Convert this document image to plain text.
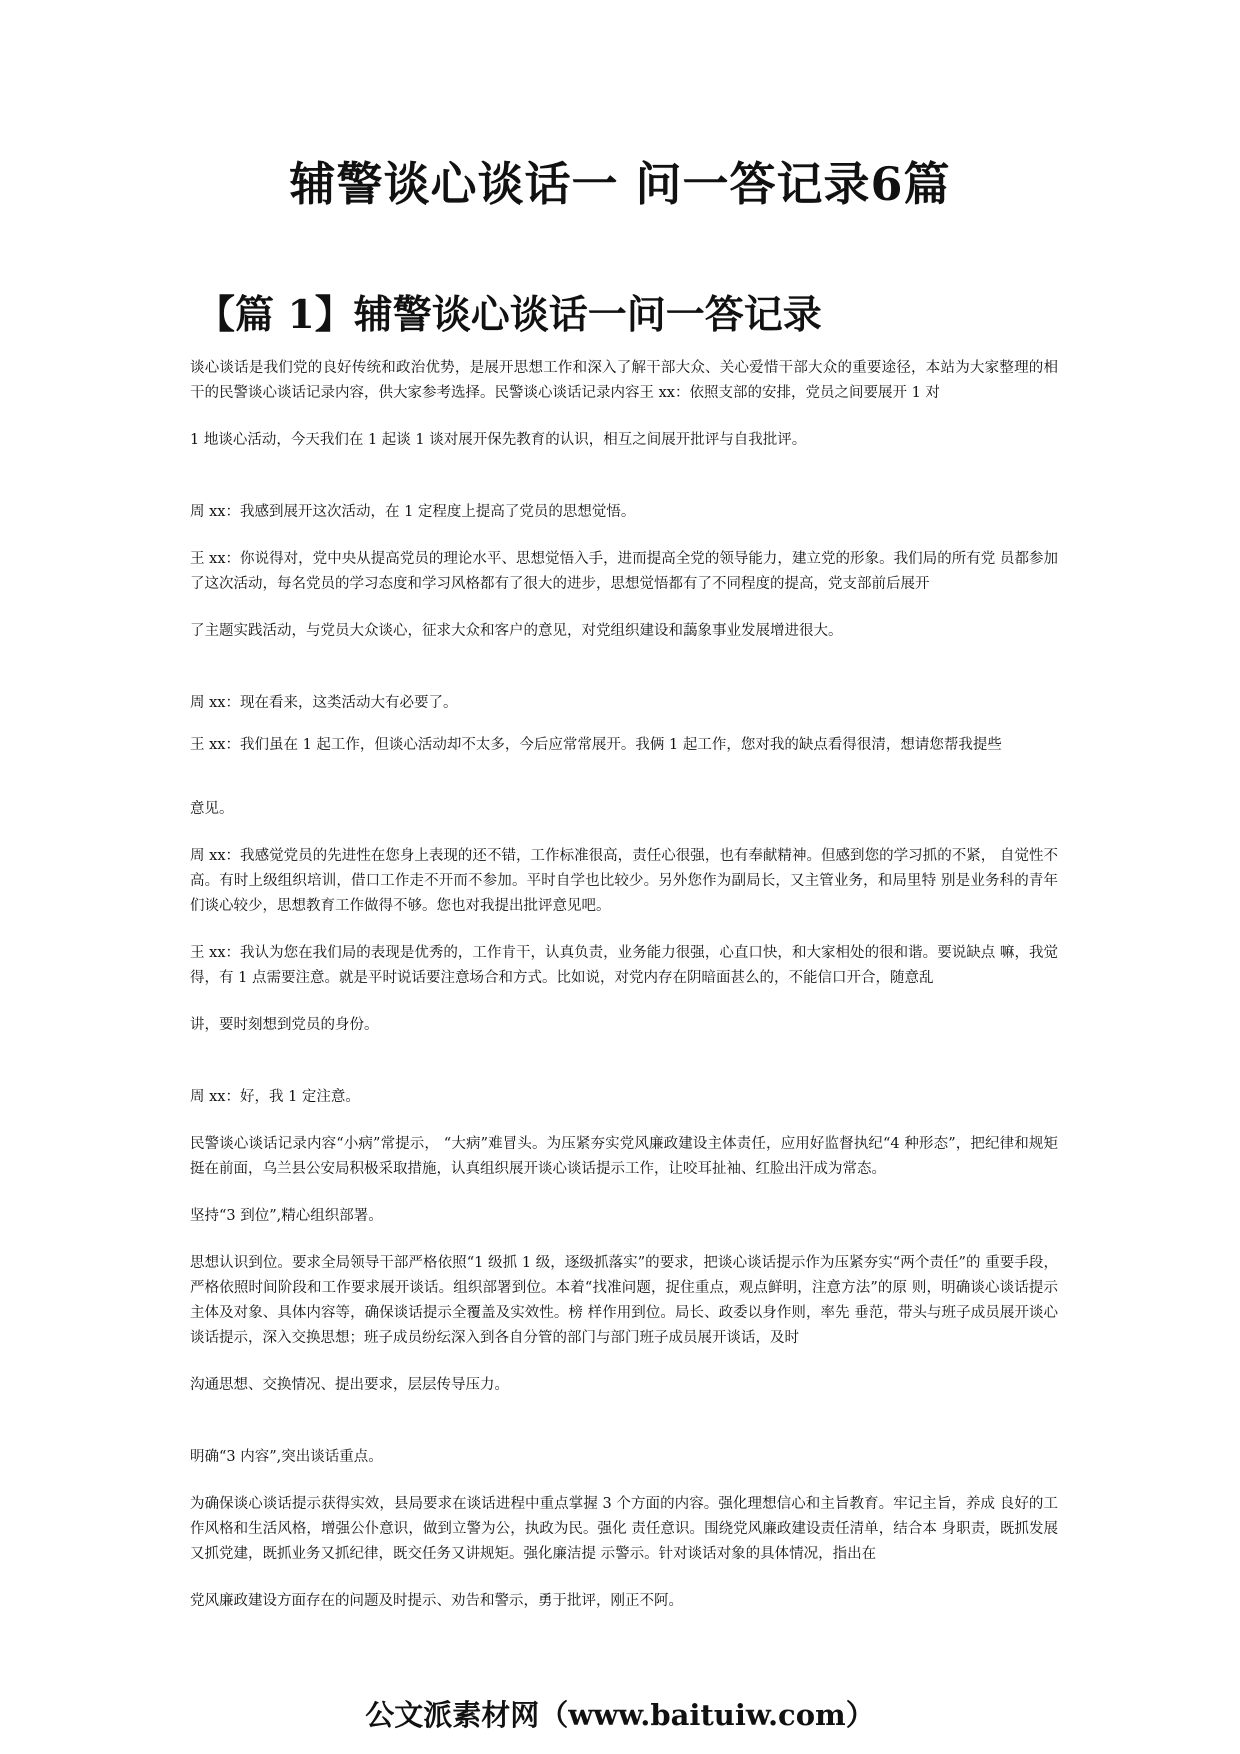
辅警谈心谈话一 问一答记录6篇
【篇 1】辅警谈心谈话一问一答记录

谈心谈话是我们党的良好传统和政治优势，是展开思想工作和深入了解干部大众、关心爱惜干部大众的重要途径，本站为大家整理的相干的民警谈心谈话记录内容，供大家参考选择。民警谈心谈话记录内容王 xx：依照支部的安排，党员之间要展开 1 对

1 地谈心活动，今天我们在 1 起谈 1 谈对展开保先教育的认识，相互之间展开批评与自我批评。

周 xx：我感到展开这次活动，在 1 定程度上提高了党员的思想觉悟。

王 xx：你说得对，党中央从提高党员的理论水平、思想觉悟入手，进而提高全党的领导能力，建立党的形象。我们局的所有党 员都参加了这次活动，每名党员的学习态度和学习风格都有了很大的进步，思想觉悟都有了不同程度的提高，党支部前后展开

了主题实践活动，与党员大众谈心，征求大众和客户的意见，对党组织建设和藹象事业发展增进很大。

周 xx：现在看来，这类活动大有必要了。

王 xx：我们虽在 1 起工作，但谈心活动却不太多，今后应常常展开。我俩 1 起工作，您对我的缺点看得很清，想请您帮我提些

意见。

周 xx：我感觉党员的先进性在您身上表现的还不错，工作标准很高，责任心很强，也有奉献精神。但感到您的学习抓的不紧， 自觉性不高。有时上级组织培训，借口工作走不开而不参加。平时自学也比较少。另外您作为副局长，又主管业务，和局里特 别是业务科的青年们谈心较少，思想教育工作做得不够。您也对我提出批评意见吧。

王 xx：我认为您在我们局的表现是优秀的，工作肯干，认真负责，业务能力很强，心直口快，和大家相处的很和谐。要说缺点 嘛，我觉得，有 1 点需要注意。就是平时说话要注意场合和方式。比如说，对党内存在阴暗面甚么的，不能信口开合，随意乱

讲，要时刻想到党员的身份。

周 xx：好，我 1 定注意。

民警谈心谈话记录内容“小病”常提示， “大病”难冒头。为压紧夯实党风廉政建设主体责任，应用好监督执纪“4 种形态”，把纪律和规矩挺在前面，乌兰县公安局积极采取措施，认真组织展开谈心谈话提示工作，让咬耳扯袖、红脸出汗成为常态。

坚持“3 到位”,精心组织部署。

思想认识到位。要求全局领导干部严格依照“1 级抓 1 级，逐级抓落实”的要求，把谈心谈话提示作为压紧夯实“两个责任”的 重要手段，严格依照时间阶段和工作要求展开谈话。组织部署到位。本着“找准问题，捉住重点，观点鲜明，注意方法”的原 则，明确谈心谈话提示主体及对象、具体内容等，确保谈话提示全覆盖及实效性。榜 样作用到位。局长、政委以身作则，率先 垂范，带头与班子成员展开谈心谈话提示，深入交换思想；班子成员纷纭深入到各自分管的部门与部门班子成员展开谈话，及时

沟通思想、交换情况、提出要求，层层传导压力。

明确“3 内容”,突出谈话重点。

为确保谈心谈话提示获得实效，县局要求在谈话进程中重点掌握 3 个方面的内容。强化理想信心和主旨教育。牢记主旨，养成 良好的工作风格和生活风格，增强公仆意识，做到立警为公，执政为民。强化 责任意识。围绕党风廉政建设责任清单，结合本 身职责，既抓发展又抓党建，既抓业务又抓纪律，既交任务又讲规矩。强化廉洁提 示警示。针对谈话对象的具体情况，指出在

党风廉政建设方面存在的问题及时提示、劝告和警示，勇于批评，刚正不阿。

公文派素材网（www.baituiw.com）
